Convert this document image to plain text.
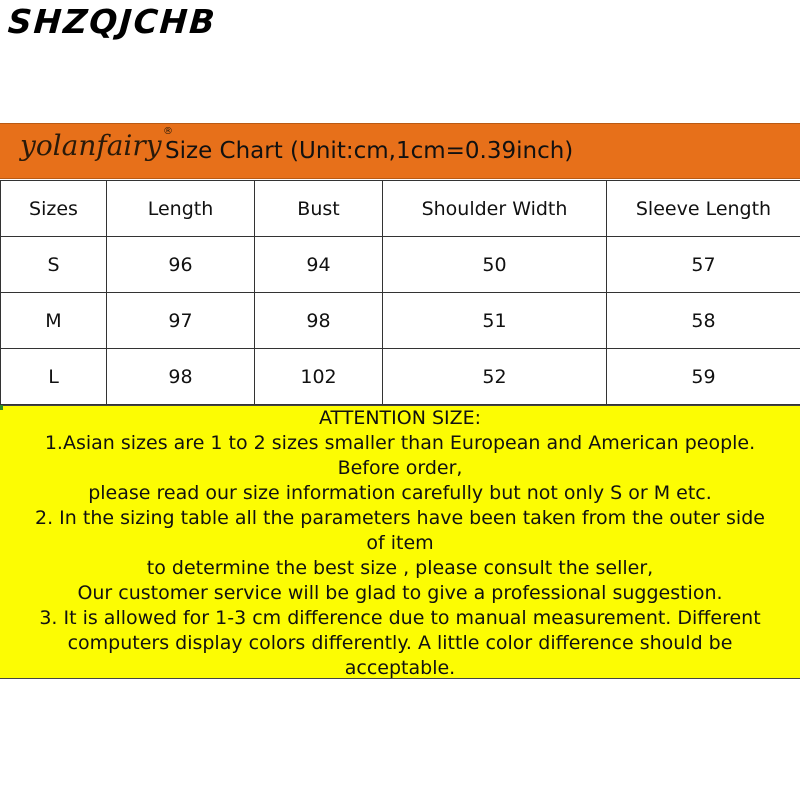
SHZQJCHB
yolanfairy ®
Size Chart (Unit:cm,1cm=0.39inch)
Sizes	Length	Bust	Shoulder Width	Sleeve Length
S	96	94	50	57
M	97	98	51	58
L	98	102	52	59
ATTENTION SIZE:
1.Asian sizes are 1 to 2 sizes smaller than European and American people.
Before order,
please read our size information carefully but not only S or M etc.
2. In the sizing table all the parameters have been taken from the outer side
of item
to determine the best size , please consult the seller,
Our customer service will be glad to give a professional suggestion.
3. It is allowed for 1-3 cm difference due to manual measurement. Different
computers display colors differently. A little color difference should be
acceptable.
